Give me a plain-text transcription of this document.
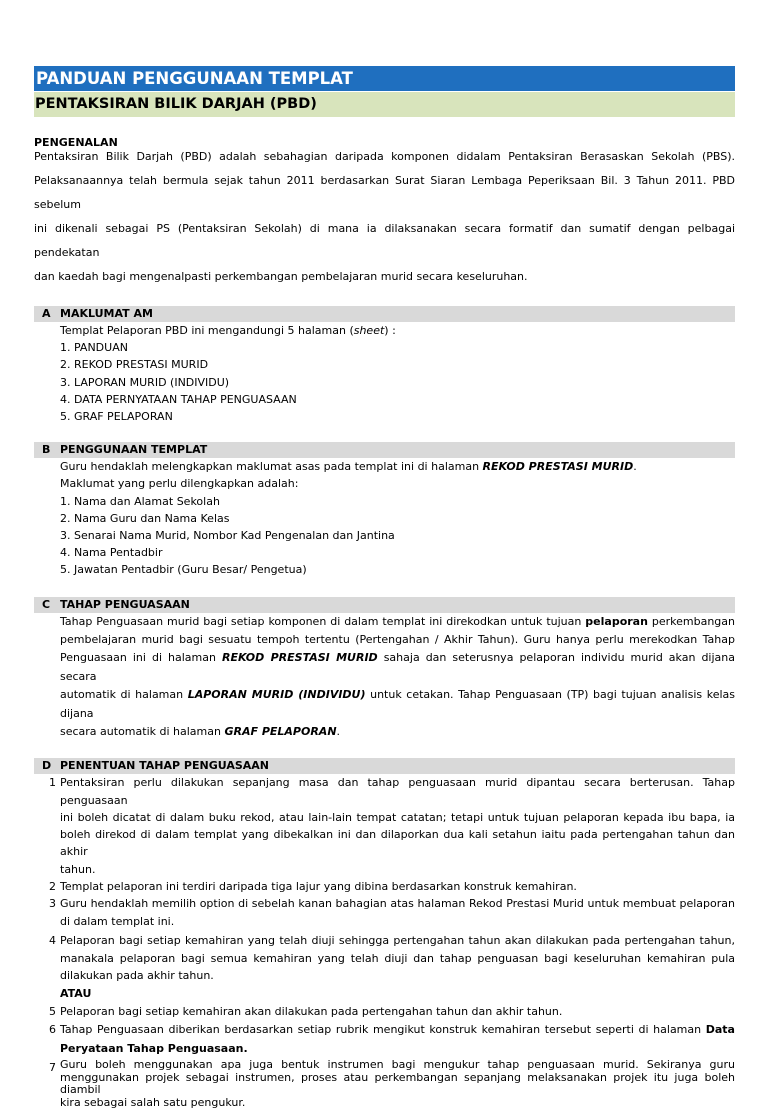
PANDUAN PENGGUNAAN TEMPLAT
PENTAKSIRAN BILIK DARJAH (PBD)
PENGENALAN

Pentaksiran Bilik Darjah (PBD) adalah sebahagian daripada komponen didalam Pentaksiran Berasaskan Sekolah (PBS).

Pelaksanaannya telah bermula sejak tahun 2011 berdasarkan Surat Siaran Lembaga Peperiksaan Bil. 3 Tahun 2011. PBD sebelum

ini dikenali sebagai PS (Pentaksiran Sekolah) di mana ia dilaksanakan secara formatif dan sumatif dengan pelbagai pendekatan

dan kaedah bagi mengenalpasti perkembangan pembelajaran murid secara keseluruhan.

A MAKLUMAT AM
Templat Pelaporan PBD ini mengandungi 5 halaman (sheet) :
1. PANDUAN
2. REKOD PRESTASI MURID
3. LAPORAN MURID (INDIVIDU)
4. DATA PERNYATAAN TAHAP PENGUASAAN
5. GRAF PELAPORAN
B PENGGUNAAN TEMPLAT
Guru hendaklah melengkapkan maklumat asas pada templat ini di halaman REKOD PRESTASI MURID.
Maklumat yang perlu dilengkapkan adalah:
1. Nama dan Alamat Sekolah
2. Nama Guru dan Nama Kelas
3. Senarai Nama Murid, Nombor Kad Pengenalan dan Jantina
4. Nama Pentadbir
5. Jawatan Pentadbir (Guru Besar/ Pengetua)
C TAHAP PENGUASAAN
Tahap Penguasaan murid bagi setiap komponen di dalam templat ini direkodkan untuk tujuan pelaporan perkembangan
pembelajaran murid bagi sesuatu tempoh tertentu (Pertengahan / Akhir Tahun). Guru hanya perlu merekodkan Tahap
Penguasaan ini di halaman REKOD PRESTASI MURID sahaja dan seterusnya pelaporan individu murid akan dijana secara
automatik di halaman LAPORAN MURID (INDIVIDU) untuk cetakan. Tahap Penguasaan (TP) bagi tujuan analisis kelas dijana
secara automatik di halaman GRAF PELAPORAN.
D PENENTUAN TAHAP PENGUASAAN
1 Pentaksiran perlu dilakukan sepanjang masa dan tahap penguasaan murid dipantau secara berterusan. Tahap penguasaan
ini boleh dicatat di dalam buku rekod, atau lain-lain tempat catatan; tetapi untuk tujuan pelaporan kepada ibu bapa, ia
boleh direkod di dalam templat yang dibekalkan ini dan dilaporkan dua kali setahun iaitu pada pertengahan tahun dan akhir
tahun.
2 Templat pelaporan ini terdiri daripada tiga lajur yang dibina berdasarkan konstruk kemahiran.
3 Guru hendaklah memilih option di sebelah kanan bahagian atas halaman Rekod Prestasi Murid untuk membuat pelaporan
di dalam templat ini.
4 Pelaporan bagi setiap kemahiran yang telah diuji sehingga pertengahan tahun akan dilakukan pada pertengahan tahun,
manakala pelaporan bagi semua kemahiran yang telah diuji dan tahap penguasan bagi keseluruhan kemahiran pula
dilakukan pada akhir tahun.
ATAU
5 Pelaporan bagi setiap kemahiran akan dilakukan pada pertengahan tahun dan akhir tahun.
6 Tahap Penguasaan diberikan berdasarkan setiap rubrik mengikut konstruk kemahiran tersebut seperti di halaman Data
Peryataan Tahap Penguasaan.
7 Guru boleh menggunakan apa juga bentuk instrumen bagi mengukur tahap penguasaan murid. Sekiranya guru
menggunakan projek sebagai instrumen, proses atau perkembangan sepanjang melaksanakan projek itu juga boleh diambil
kira sebagai salah satu pengukur.
